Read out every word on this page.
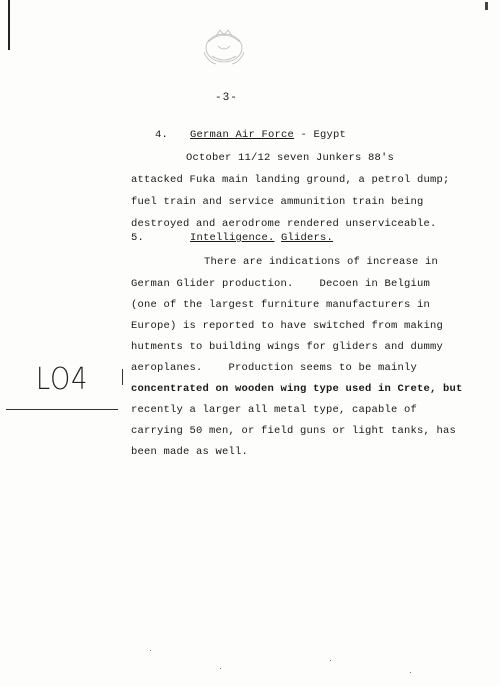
-3-
4. German Air Force - Egypt
October 11/12 seven Junkers 88's
attacked Fuka main landing ground, a petrol dump;
fuel train and service ammunition train being
destroyed and aerodrome rendered unserviceable.
5.	Intelligence. Gliders.
There are indications of increase in
German Glider production.    Decoen in Belgium
(one of the largest furniture manufacturers in
Europe) is reported to have switched from making
hutments to building wings for gliders and dummy
aeroplanes.    Production seems to be mainly
concentrated on wooden wing type used in Crete, but
recently a larger all metal type, capable of
carrying 50 men, or field guns or light tanks, has
been made as well.
LO4
